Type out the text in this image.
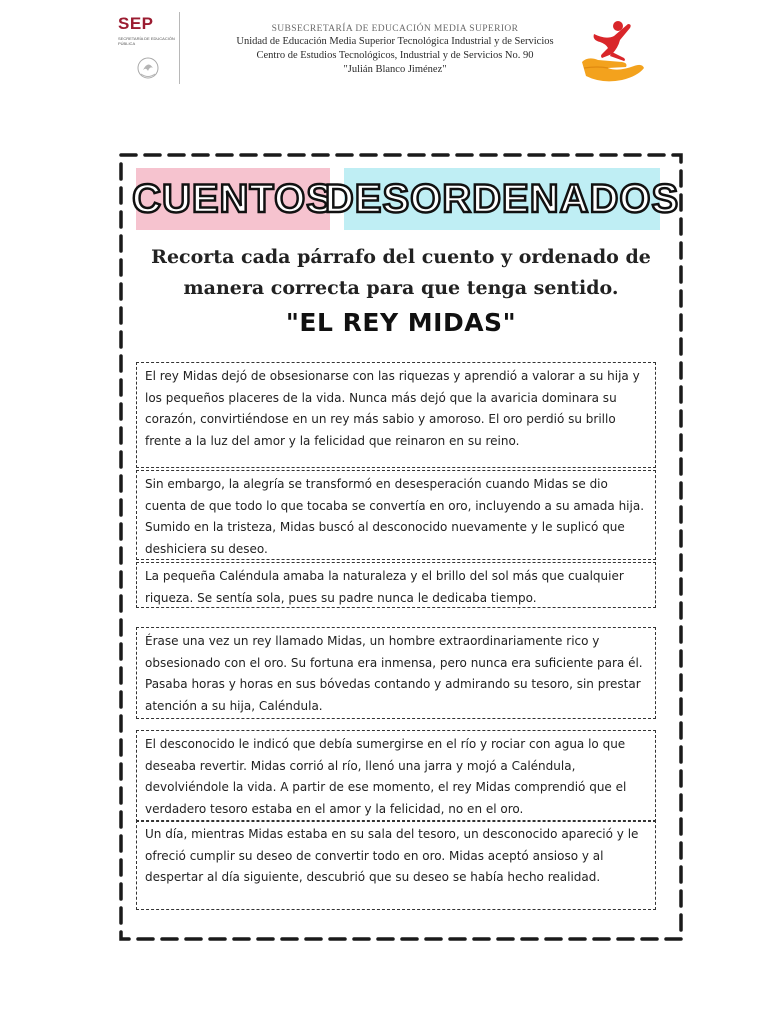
SEP
SECRETARÍA DE EDUCACIÓN PÚBLICA
SUBSECRETARÍA DE EDUCACIÓN MEDIA SUPERIOR
Unidad de Educación Media Superior Tecnológica Industrial y de Servicios
Centro de Estudios Tecnológicos, Industrial y de Servicios No. 90
"Julián Blanco Jiménez"
CUENTOS
DESORDENADOS
Recorta cada párrafo del cuento y ordenado de manera correcta para que tenga sentido.
"EL REY MIDAS"
El rey Midas dejó de obsesionarse con las riquezas y aprendió a valorar a su hija y los pequeños placeres de la vida. Nunca más dejó que la avaricia dominara su corazón, convirtiéndose en un rey más sabio y amoroso. El oro perdió su brillo frente a la luz del amor y la felicidad que reinaron en su reino.
Sin embargo, la alegría se transformó en desesperación cuando Midas se dio cuenta de que todo lo que tocaba se convertía en oro, incluyendo a su amada hija. Sumido en la tristeza, Midas buscó al desconocido nuevamente y le suplicó que deshiciera su deseo.
La pequeña Caléndula amaba la naturaleza y el brillo del sol más que cualquier riqueza. Se sentía sola, pues su padre nunca le dedicaba tiempo.
Érase una vez un rey llamado Midas, un hombre extraordinariamente rico y obsesionado con el oro. Su fortuna era inmensa, pero nunca era suficiente para él. Pasaba horas y horas en sus bóvedas contando y admirando su tesoro, sin prestar atención a su hija, Caléndula.
El desconocido le indicó que debía sumergirse en el río y rociar con agua lo que deseaba revertir. Midas corrió al río, llenó una jarra y mojó a Caléndula, devolviéndole la vida. A partir de ese momento, el rey Midas comprendió que el verdadero tesoro estaba en el amor y la felicidad, no en el oro.
Un día, mientras Midas estaba en su sala del tesoro, un desconocido apareció y le ofreció cumplir su deseo de convertir todo en oro. Midas aceptó ansioso y al despertar al día siguiente, descubrió que su deseo se había hecho realidad.
